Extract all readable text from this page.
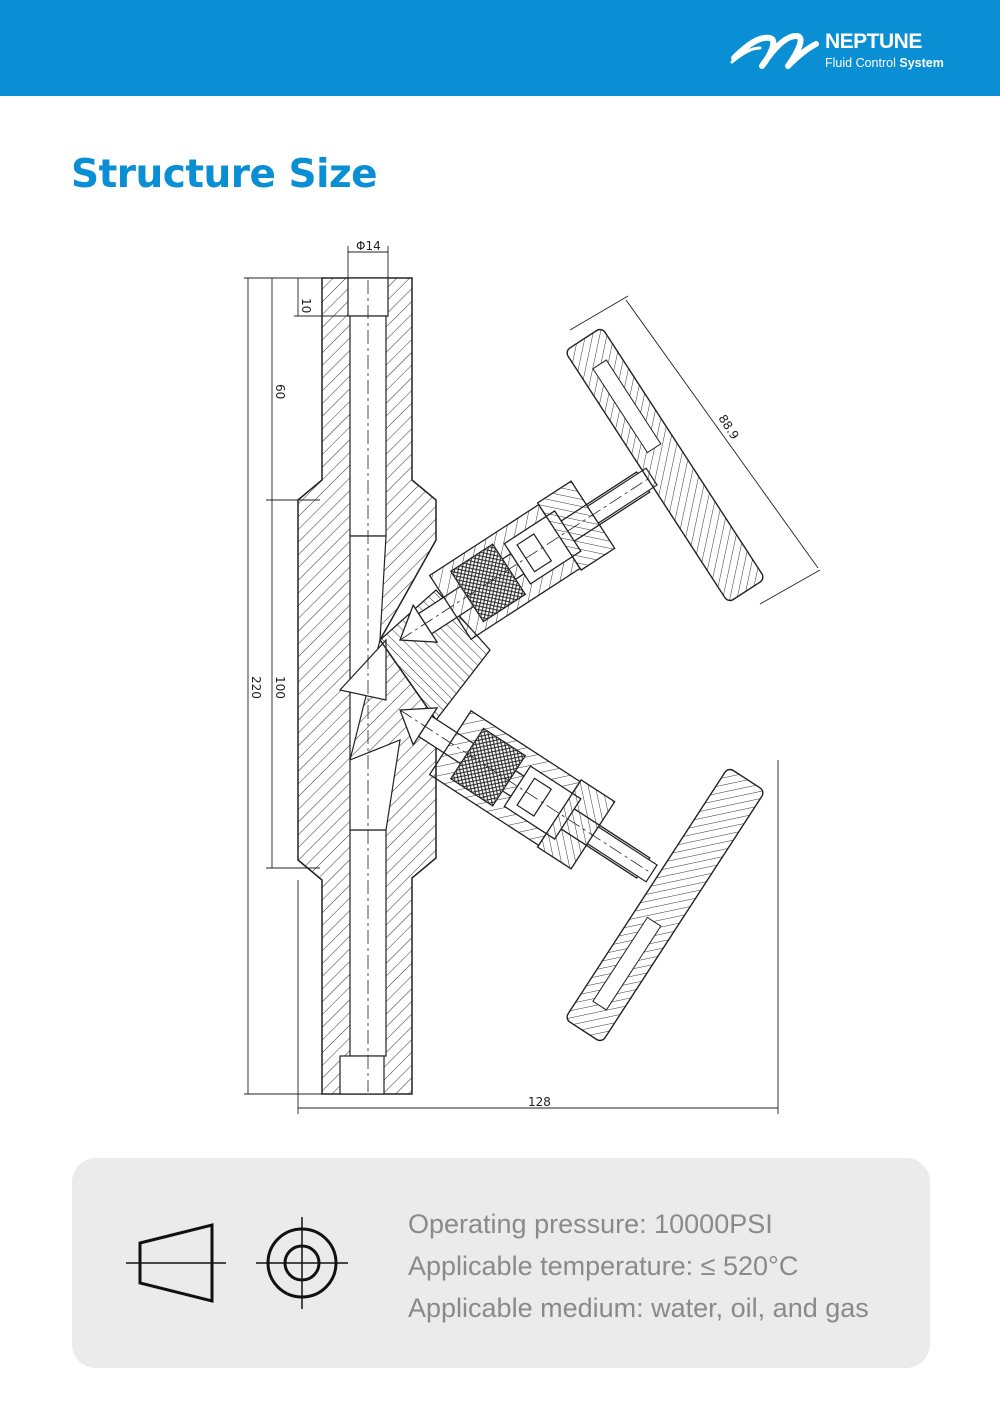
NEPTUNE
Fluid Control System
Structure Size
Φ14
10
60
100
220
88.9
128
Operating pressure: 10000PSI
Applicable temperature: ≤ 520°C
Applicable medium: water, oil, and gas
